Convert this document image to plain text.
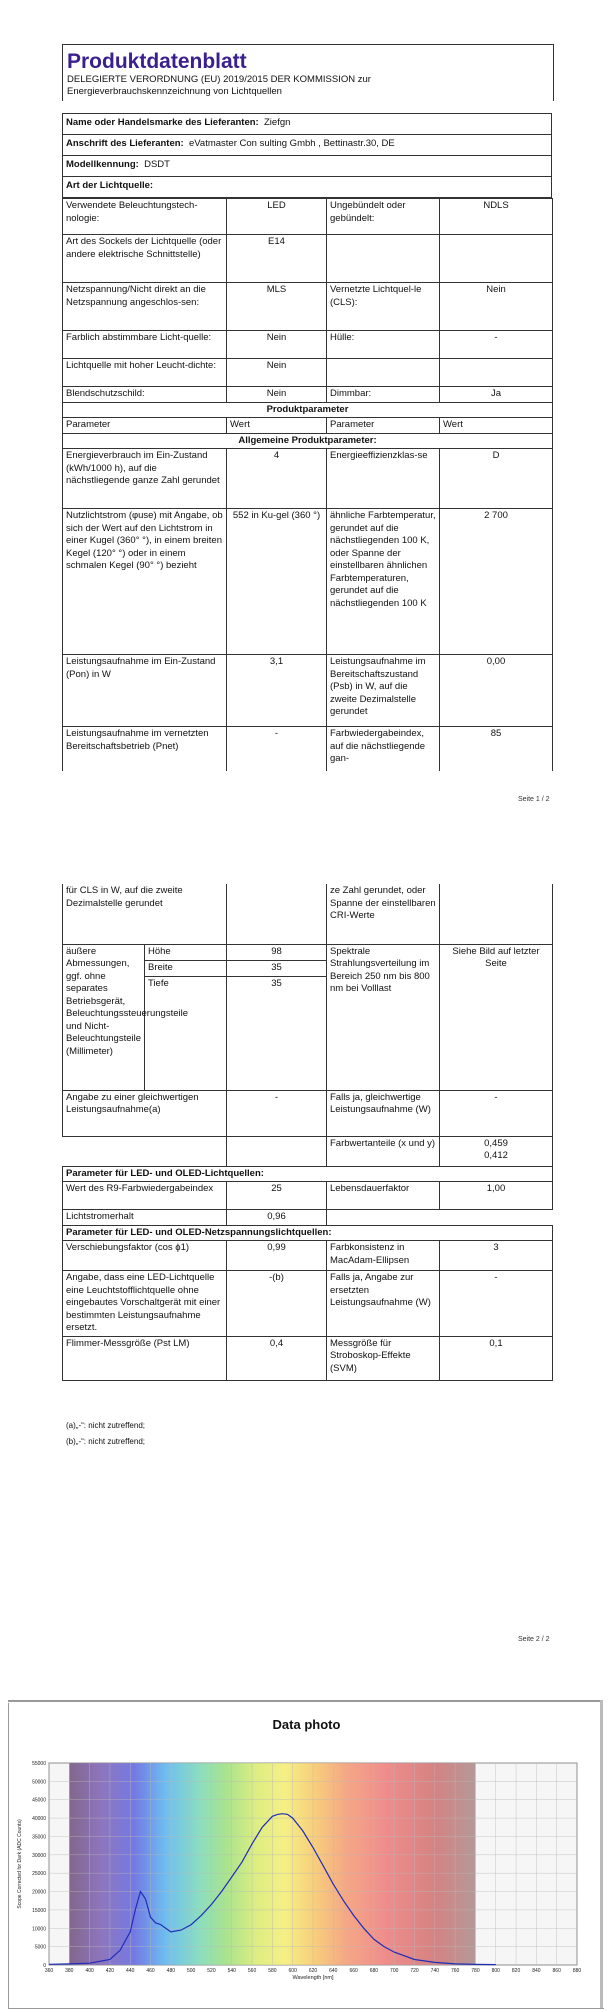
Produktdatenblatt
DELEGIERTE VERORDNUNG (EU) 2019/2015 DER KOMMISSION zur
Energieverbrauchskennzeichnung von Lichtquellen
Name oder Handelsmarke des Lieferanten: Ziefgn
Anschrift des Lieferanten: eVatmaster Con sulting Gmbh , Bettinastr.30, DE
Modellkennung: DSDT
Art der Lichtquelle:
Verwendete Beleuchtungstech-nologie:	LED	Ungebündelt oder gebündelt:	NDLS
Art des Sockels der Lichtquelle (oder andere elektrische Schnittstelle)	E14		
Netzspannung/Nicht direkt an die Netzspannung angeschlos-sen:	MLS	Vernetzte Lichtquel-le (CLS):	Nein
Farblich abstimmbare Licht-quelle:	Nein	Hülle:	-
Lichtquelle mit hoher Leucht-dichte:	Nein		
Blendschutzschild:	Nein	Dimmbar:	Ja
Produktparameter			
Parameter	Wert	Parameter	Wert
Allgemeine Produktparameter:			
Energieverbrauch im Ein-Zustand (kWh/1000 h), auf die nächstliegende ganze Zahl gerundet	4	Energieeffizienzklas-se	D
Nutzlichtstrom (φuse) mit Angabe, ob sich der Wert auf den Lichtstrom in einer Kugel (360° °), in einem breiten Kegel (120° °) oder in einem schmalen Kegel (90° °) bezieht	552 in Ku-gel (360 °)	ähnliche Farbtemperatur, gerundet auf die nächstliegenden 100 K, oder Spanne der einstellbaren ähnlichen Farbtemperaturen, gerundet auf die nächstliegenden 100 K	2 700
Leistungsaufnahme im Ein-Zustand (Pon) in W	3,1	Leistungsaufnahme im Bereitschaftszustand (Psb) in W, auf die zweite Dezimalstelle gerundet	0,00
Leistungsaufnahme im vernetzten Bereitschaftsbetrieb (Pnet)	-	Farbwiedergabeindex, auf die nächstliegende gan-	85
Seite 1 / 2
für CLS in W, auf die zweite Dezimalstelle gerundet			ze Zahl gerundet, oder Spanne der einstellbaren CRI-Werte	
äußere Abmessungen, ggf. ohne separates Betriebsgerät, Beleuchtungssteuerungsteile und Nicht-Beleuchtungsteile (Millimeter)	Höhe	98	Spektrale Strahlungsverteilung im Bereich 250 nm bis 800 nm bei Volllast	Siehe Bild auf letzter Seite
	Breite	35		
	Tiefe	35		

Angabe zu einer gleichwertigen Leistungsaufnahme(a)		-	Falls ja, gleichwertige Leistungsaufnahme (W)	-
			Farbwertanteile (x und y)	0,459
0,412
Parameter für LED- und OLED-Lichtquellen:				
Wert des R9-Farbwiedergabeindex		25	Lebensdauerfaktor	1,00
Lichtstromerhalt		0,96		
Parameter für LED- und OLED-Netzspannungslichtquellen:				
Verschiebungsfaktor (cos ϕ1)		0,99	Farbkonsistenz in MacAdam-Ellipsen	3
Angabe, dass eine LED-Lichtquelle eine Leuchtstofflichtquelle ohne eingebautes Vorschaltgerät mit einer bestimmten Leistungsaufnahme ersetzt.		-(b)	Falls ja, Angabe zur ersetzten Leistungsaufnahme (W)	-
Flimmer-Messgröße (Pst LM)		0,4	Messgröße für Stroboskop-Effekte (SVM)	0,1
(a)„-“: nicht zutreffend;
(b)„-“: nicht zutreffend;
Seite 2 / 2
Data photo
0
5000
10000
15000
20000
25000
30000
35000
40000
45000
50000
55000
360 380 400 420 440 460 480 500 520 540 560 580 600 620 640 660 680 700 720 740 760 780 800 820 840 860 880
Wavelength [nm]
Scope Corrected for Dark (ADC Counts)
